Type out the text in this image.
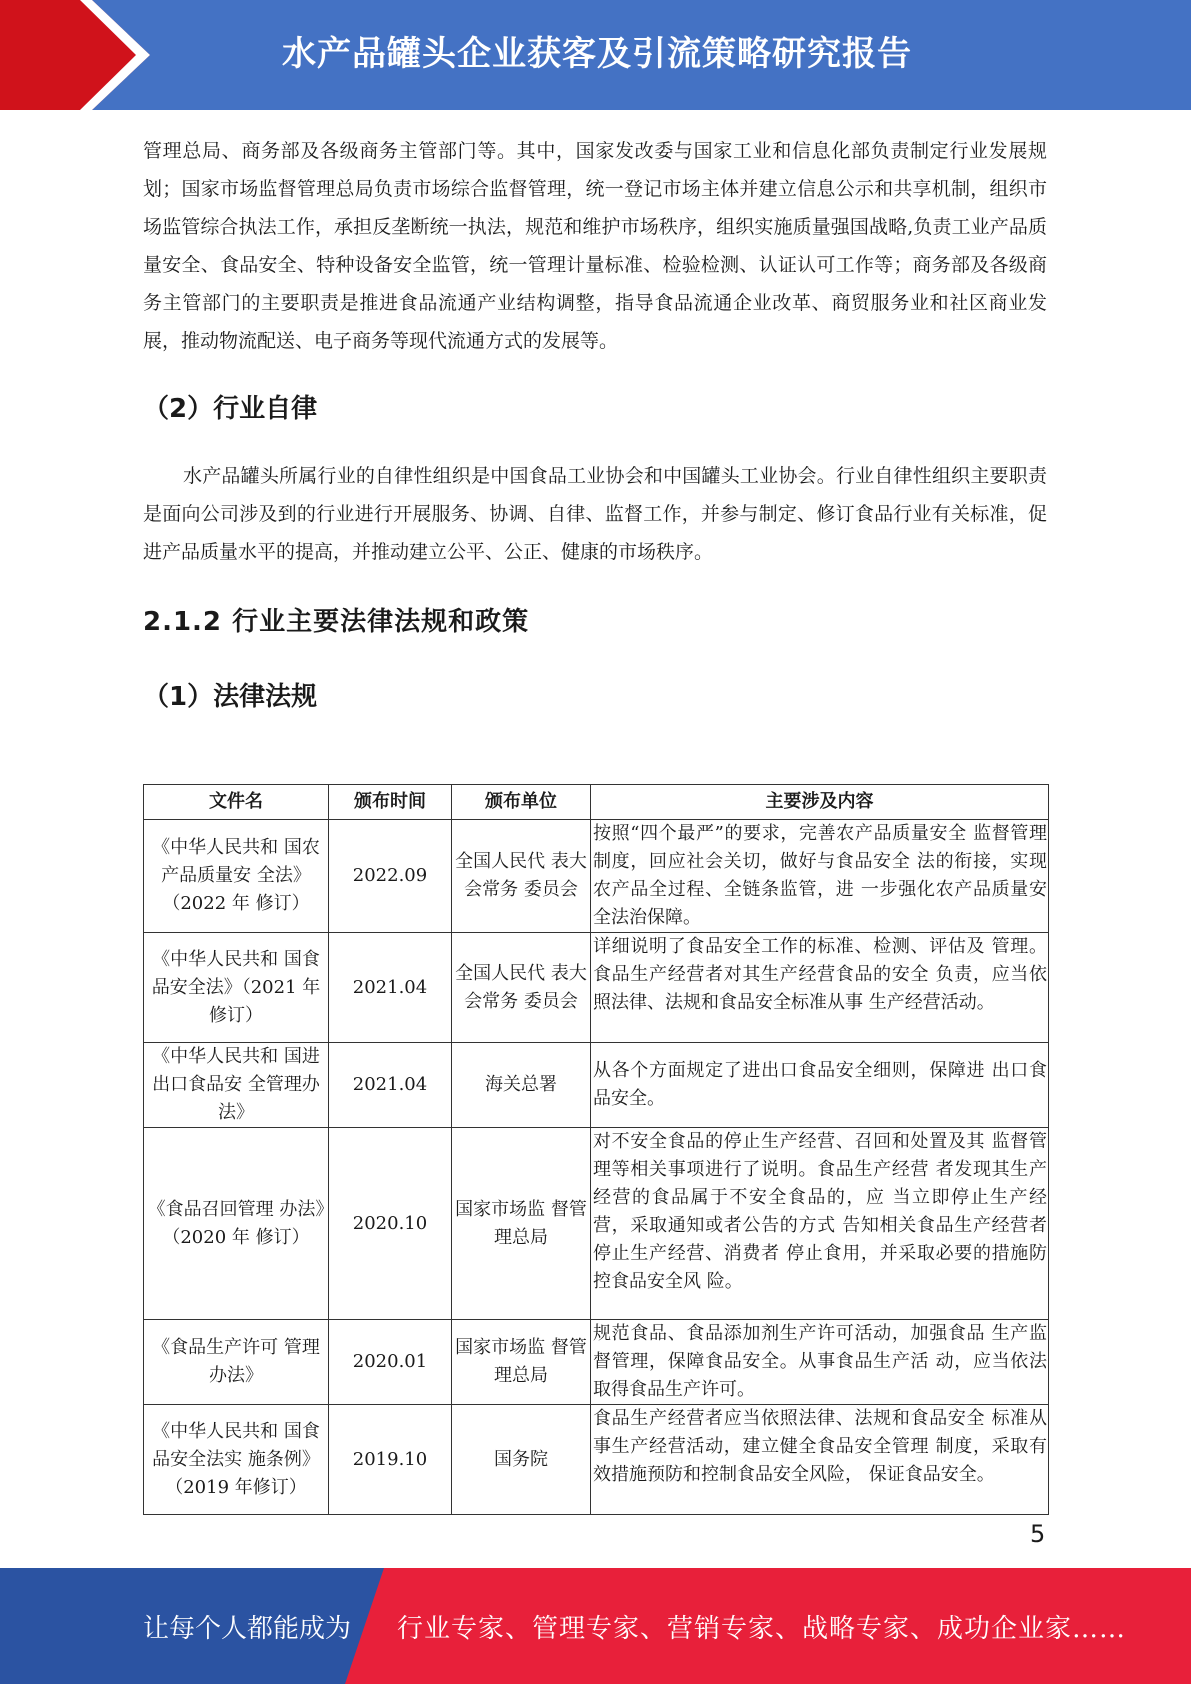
水产品罐头企业获客及引流策略研究报告

管理总局、商务部及各级商务主管部门等。其中，国家发改委与国家工业和信息化部负责制定行业发展规划；国家市场监督管理总局负责市场综合监督管理，统一登记市场主体并建立信息公示和共享机制，组织市场监管综合执法工作，承担反垄断统一执法，规范和维护市场秩序，组织实施质量强国战略,负责工业产品质量安全、食品安全、特种设备安全监管，统一管理计量标准、检验检测、认证认可工作等；商务部及各级商务主管部门的主要职责是推进食品流通产业结构调整，指导食品流通企业改革、商贸服务业和社区商业发展，推动物流配送、电子商务等现代流通方式的发展等。

（2）行业自律

水产品罐头所属行业的自律性组织是中国食品工业协会和中国罐头工业协会。行业自律性组织主要职责是面向公司涉及到的行业进行开展服务、协调、自律、监督工作，并参与制定、修订食品行业有关标准，促进产品质量水平的提高，并推动建立公平、公正、健康的市场秩序。

2.1.2 行业主要法律法规和政策
（1）法律法规
文件名	颁布时间	颁布单位	主要涉及内容
《中华人民共和 国农产品质量安 全法》（2022 年 修订）	2022.09	全国人民代 表大会常务 委员会	按照“四个最严”的要求，完善农产品质量安全 监督管理制度，回应社会关切，做好与食品安全 法的衔接，实现农产品全过程、全链条监管，进 一步强化农产品质量安全法治保障。
《中华人民共和 国食品安全法》（2021 年修订）	2021.04	全国人民代 表大会常务 委员会	详细说明了食品安全工作的标准、检测、评估及 管理。食品生产经营者对其生产经营食品的安全 负责，应当依照法律、法规和食品安全标准从事 生产经营活动。
《中华人民共和 国进出口食品安 全管理办法》	2021.04	海关总署	从各个方面规定了进出口食品安全细则，保障进 出口食品安全。
《食品召回管理 办法》（2020 年 修订）	2020.10	国家市场监 督管理总局	对不安全食品的停止生产经营、召回和处置及其 监督管理等相关事项进行了说明。食品生产经营 者发现其生产经营的食品属于不安全食品的，应 当立即停止生产经营，采取通知或者公告的方式 告知相关食品生产经营者停止生产经营、消费者 停止食用，并采取必要的措施防控食品安全风 险。
《食品生产许可 管理办法》	2020.01	国家市场监 督管理总局	规范食品、食品添加剂生产许可活动，加强食品 生产监督管理，保障食品安全。从事食品生产活 动，应当依法取得食品生产许可。
《中华人民共和 国食品安全法实 施条例》（2019 年修订）	2019.10	国务院	食品生产经营者应当依照法律、法规和食品安全 标准从事生产经营活动，建立健全食品安全管理 制度，采取有效措施预防和控制食品安全风险， 保证食品安全。
5
让每个人都能成为 行业专家、管理专家、营销专家、战略专家、成功企业家……
